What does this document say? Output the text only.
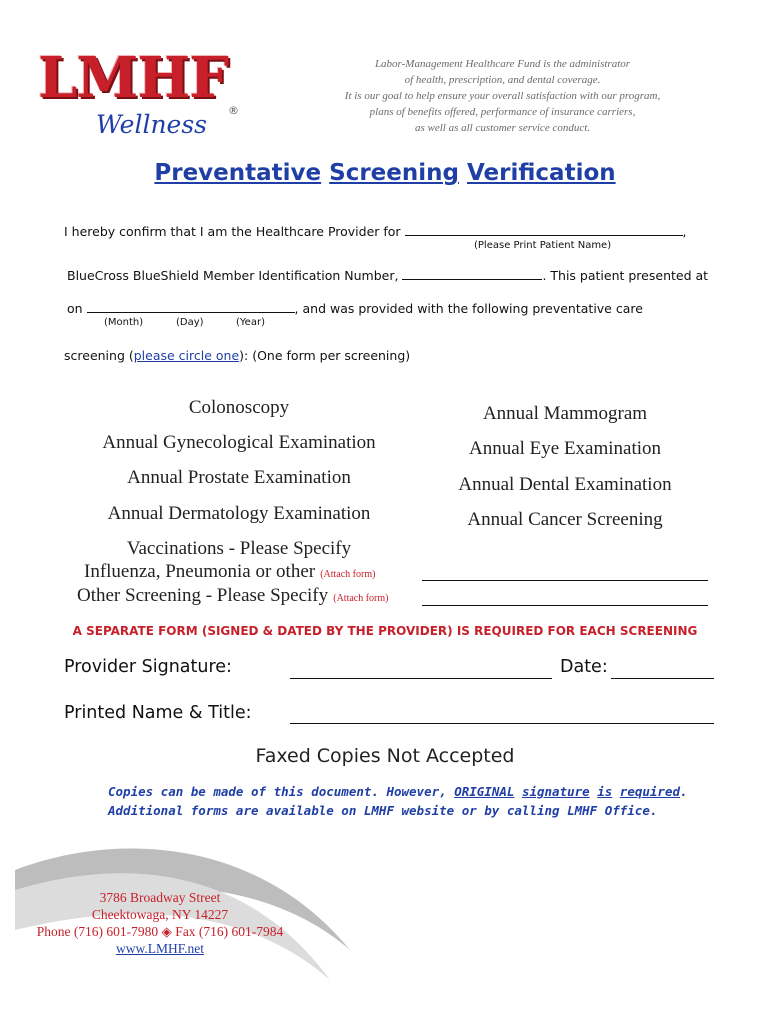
LMHF ®
Wellness
Labor-Management Healthcare Fund is the administrator
of health, prescription, and dental coverage.
It is our goal to help ensure your overall satisfaction with our program,
plans of benefits offered, performance of insurance carriers,
as well as all customer service conduct.
Preventative Screening Verification
I hereby confirm that I am the Healthcare Provider for	,
(Please Print Patient Name)
BlueCross BlueShield Member Identification Number,	. This patient presented at
on	, and was provided with the following preventative care
(Month)	(Day)	(Year)
screening (please circle one): (One form per screening)
Colonoscopy
Annual Gynecological Examination
Annual Prostate Examination
Annual Dermatology Examination
Annual Mammogram
Annual Eye Examination
Annual Dental Examination
Annual Cancer Screening
Vaccinations - Please Specify
Influenza, Pneumonia or other (Attach form)
Other Screening - Please Specify (Attach form)
A SEPARATE FORM (SIGNED & DATED BY THE PROVIDER) IS REQUIRED FOR EACH SCREENING
Provider Signature:	Date:
Printed Name & Title:
Faxed Copies Not Accepted
Copies can be made of this document. However, ORIGINAL signature is required.
Additional forms are available on LMHF website or by calling LMHF Office.
3786 Broadway Street
Cheektowaga, NY 14227
Phone (716) 601-7980 ◈ Fax (716) 601-7984
www.LMHF.net
